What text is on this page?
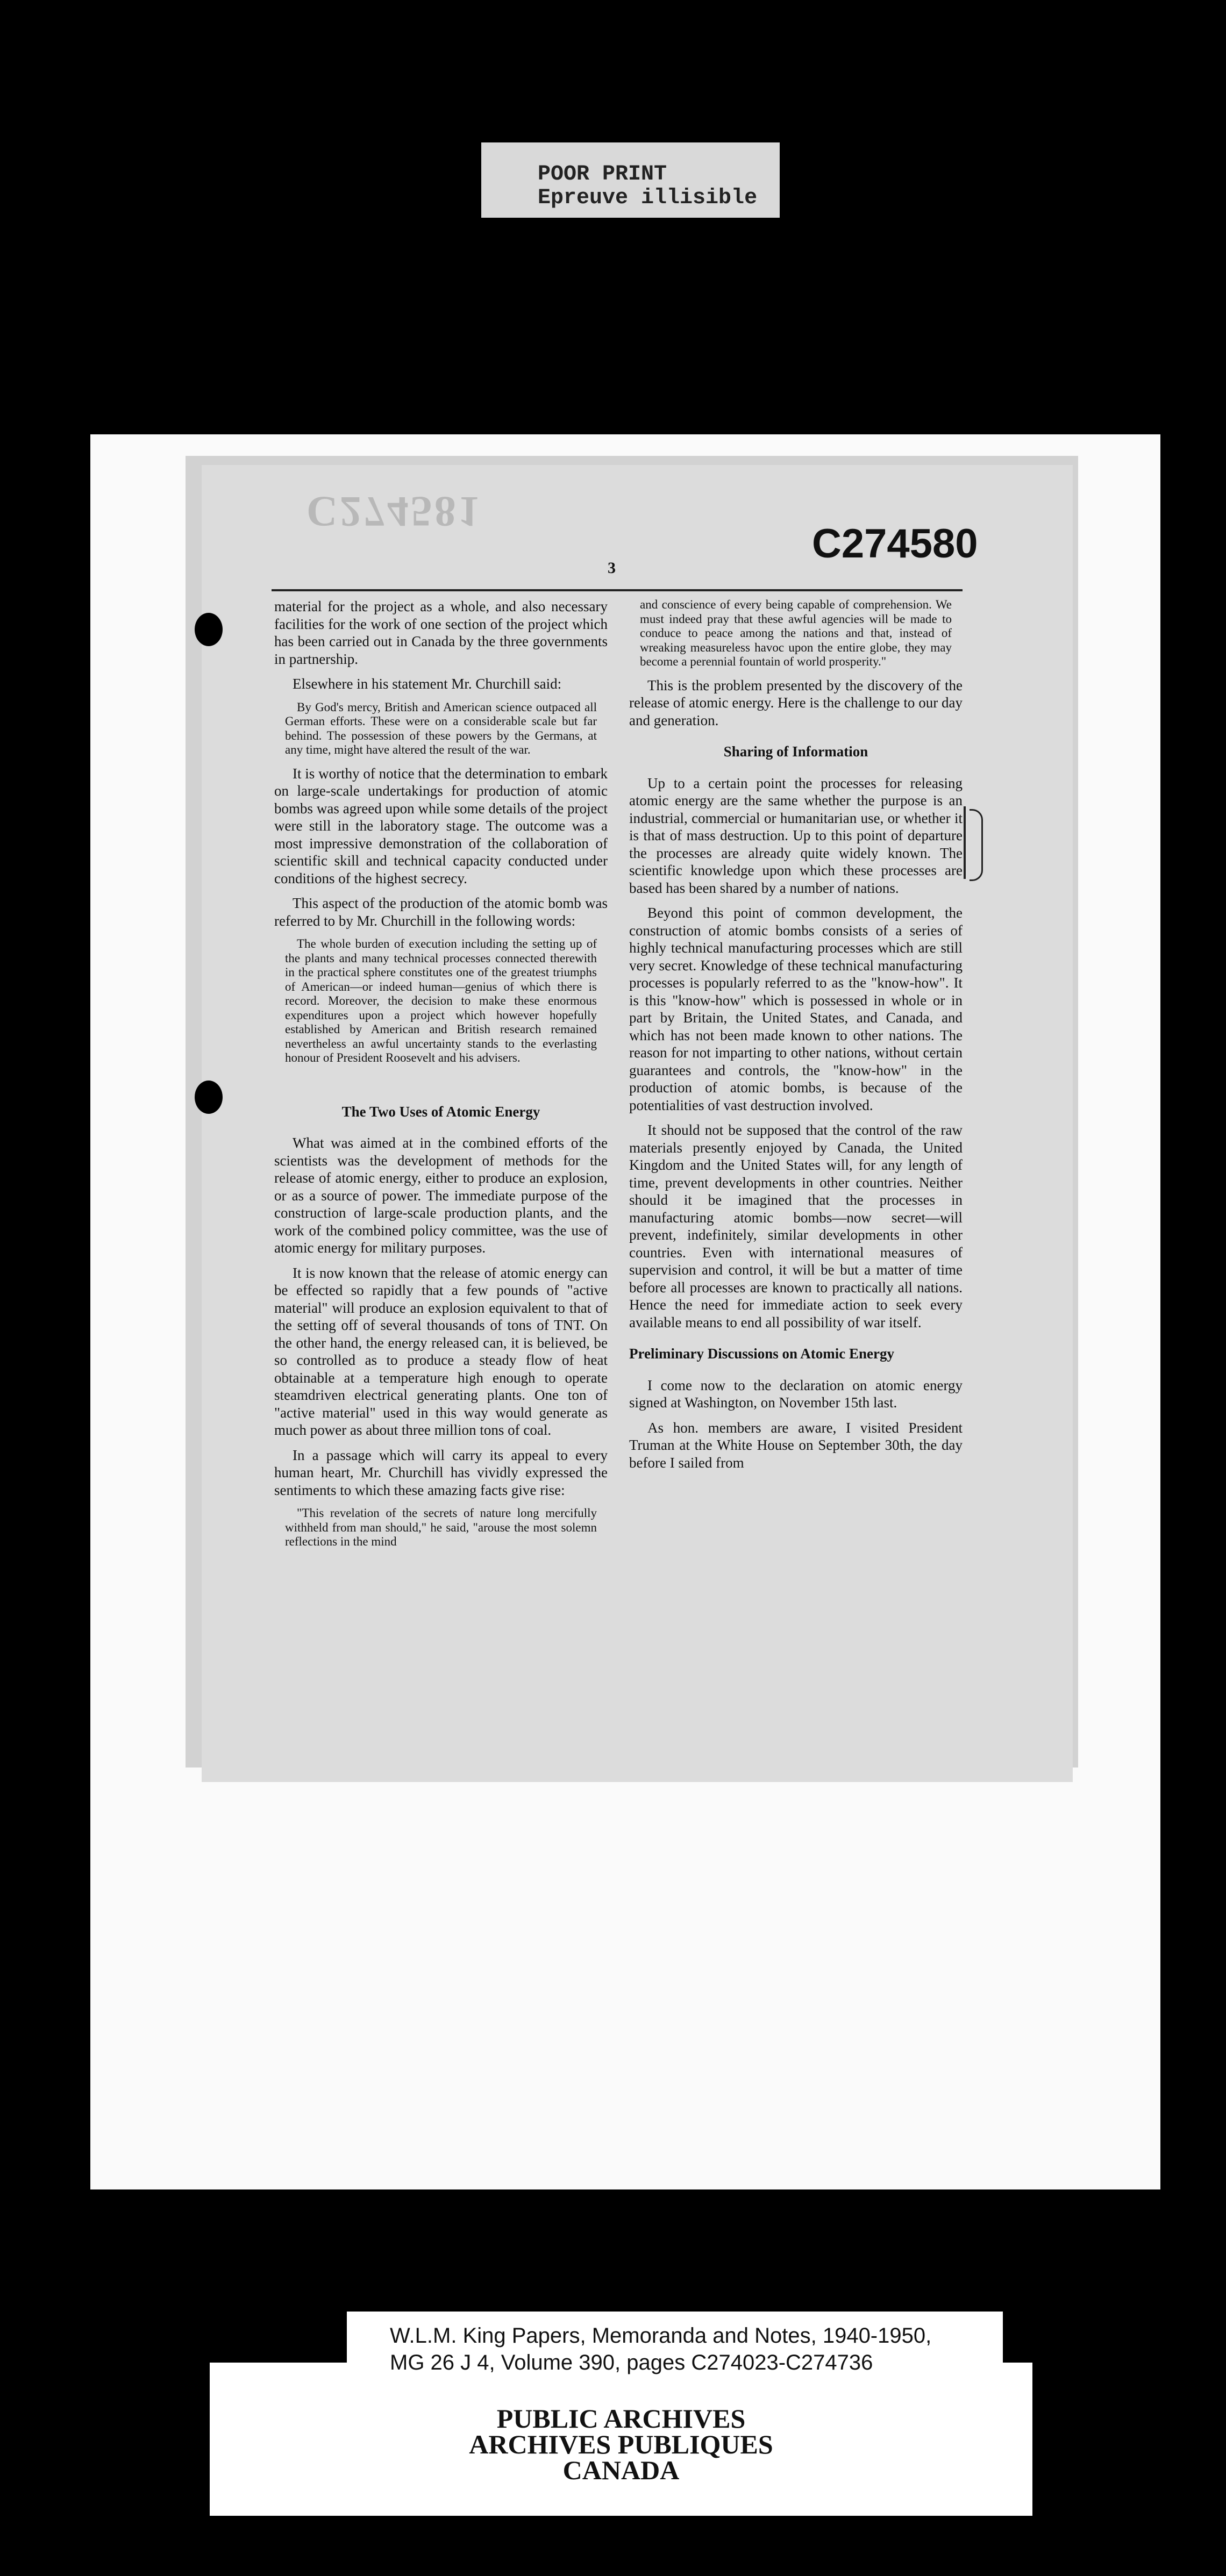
POOR PRINT
Epreuve illisible
C274581
C274580
3

material for the project as a whole, and also necessary facilities for the work of one section of the project which has been carried out in Canada by the three governments in partnership.

Elsewhere in his statement Mr. Churchill said:

By God's mercy, British and American science outpaced all German efforts. These were on a considerable scale but far behind. The possession of these powers by the Germans, at any time, might have altered the result of the war.

It is worthy of notice that the determination to embark on large-scale undertakings for production of atomic bombs was agreed upon while some details of the project were still in the laboratory stage. The outcome was a most impressive demonstration of the collaboration of scientific skill and technical capacity conducted under conditions of the highest secrecy.

This aspect of the production of the atomic bomb was referred to by Mr. Churchill in the following words:

The whole burden of execution including the setting up of the plants and many technical processes connected therewith in the practical sphere constitutes one of the greatest triumphs of American—or indeed human—genius of which there is record. Moreover, the decision to make these enormous expenditures upon a project which however hopefully established by American and British research remained nevertheless an awful uncertainty stands to the everlasting honour of President Roosevelt and his advisers.

The Two Uses of Atomic Energy

What was aimed at in the combined efforts of the scientists was the development of methods for the release of atomic energy, either to produce an explosion, or as a source of power. The immediate purpose of the construction of large-scale production plants, and the work of the combined policy committee, was the use of atomic energy for military purposes.

It is now known that the release of atomic energy can be effected so rapidly that a few pounds of "active material" will produce an explosion equivalent to that of the setting off of several thousands of tons of TNT. On the other hand, the energy released can, it is believed, be so controlled as to produce a steady flow of heat obtainable at a temperature high enough to operate steamdriven electrical generating plants. One ton of "active material" used in this way would generate as much power as about three million tons of coal.

In a passage which will carry its appeal to every human heart, Mr. Churchill has vividly expressed the sentiments to which these amazing facts give rise:

"This revelation of the secrets of nature long mercifully withheld from man should," he said, "arouse the most solemn reflections in the mind

and conscience of every being capable of comprehension. We must indeed pray that these awful agencies will be made to conduce to peace among the nations and that, instead of wreaking measureless havoc upon the entire globe, they may become a perennial fountain of world prosperity."

This is the problem presented by the discovery of the release of atomic energy. Here is the challenge to our day and generation.

Sharing of Information

Up to a certain point the processes for releasing atomic energy are the same whether the purpose is an industrial, commercial or humanitarian use, or whether it is that of mass destruction. Up to this point of departure the processes are already quite widely known. The scientific knowledge upon which these processes are based has been shared by a number of nations.

Beyond this point of common development, the construction of atomic bombs consists of a series of highly technical manufacturing processes which are still very secret. Knowledge of these technical manufacturing processes is popularly referred to as the "know-how". It is this "know-how" which is possessed in whole or in part by Britain, the United States, and Canada, and which has not been made known to other nations. The reason for not imparting to other nations, without certain guarantees and controls, the "know-how" in the production of atomic bombs, is because of the potentialities of vast destruction involved.

It should not be supposed that the control of the raw materials presently enjoyed by Canada, the United Kingdom and the United States will, for any length of time, prevent developments in other countries. Neither should it be imagined that the processes in manufacturing atomic bombs—now secret—will prevent, indefinitely, similar developments in other countries. Even with international measures of supervision and control, it will be but a matter of time before all processes are known to practically all nations. Hence the need for immediate action to seek every available means to end all possibility of war itself.

Preliminary Discussions on Atomic Energy

I come now to the declaration on atomic energy signed at Washington, on November 15th last.

As hon. members are aware, I visited President Truman at the White House on September 30th, the day before I sailed from

W.L.M. King Papers, Memoranda and Notes, 1940-1950,
MG 26 J 4, Volume 390, pages C274023-C274736
PUBLIC ARCHIVES
ARCHIVES PUBLIQUES
CANADA
